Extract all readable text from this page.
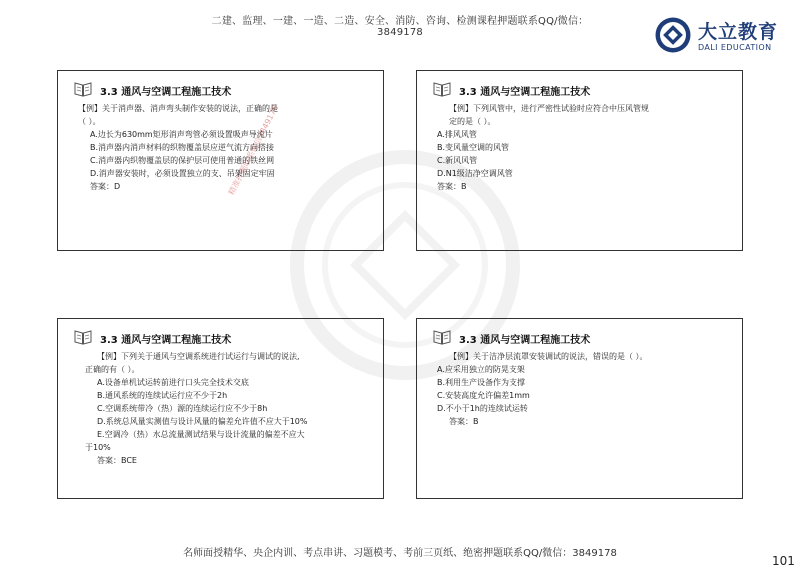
二建、监理、一建、一造、二造、安全、消防、咨询、检测课程押题联系QQ/微信：3849178	大立教育
DALI EDUCATION
精准押题联系微信3849178
3.3 通风与空调工程施工技术
【例】关于消声器、消声弯头制作安装的说法，正确的是
（ ）。
A.边长为630mm矩形消声弯管必须设置吸声导流片
B.消声器内消声材料的织物覆盖层应逆气流方向搭接
C.消声器内织物覆盖层的保护层可使用普通的铁丝网
D.消声器安装时，必须设置独立的支、吊架固定牢固
答案：D
3.3 通风与空调工程施工技术
【例】下列风管中，进行严密性试验时应符合中压风管规
定的是（ ）。
A.排风风管
B.变风量空调的风管
C.新风风管
D.N1级洁净空调风管
答案：B
3.3 通风与空调工程施工技术
【例】下列关于通风与空调系统进行试运行与调试的说法,
正确的有（ ）。
A.设备单机试运转前进行口头完全技术交底
B.通风系统的连续试运行应不少于2h
C.空调系统带冷（热）源的连续运行应不少于8h
D.系统总风量实测值与设计风量的偏差允许值不应大于10%
E.空调冷（热）水总流量测试结果与设计流量的偏差不应大
于10%
答案：BCE
3.3 通风与空调工程施工技术
【例】关于洁净层流罩安装调试的说法，错误的是（ ）。
A.应采用独立的防晃支架
B.利用生产设备作为支撑
C.安装高度允许偏差1mm
D.不小于1h的连续试运转
答案：B
名师面授精华、央企内训、考点串讲、习题模考、考前三页纸、绝密押题联系QQ/微信：3849178
101
